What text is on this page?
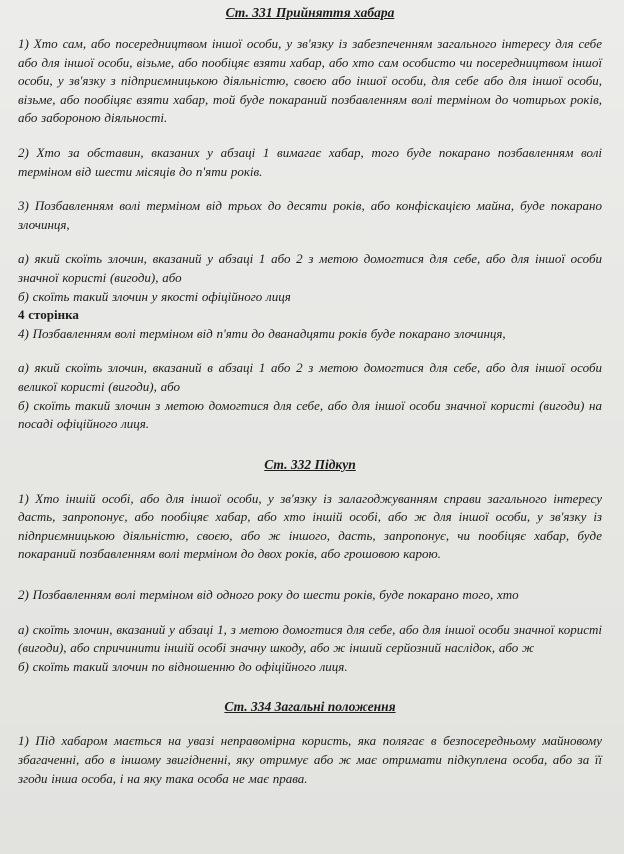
Ст. 331 Прийняття хабара

1) Хто сам, або посередництвом іншої особи, у зв'язку із забезпеченням загального інтересу для себе або для іншої особи, візьме, або пообіцяє взяти хабар, або хто сам особисто чи посередництвом іншої особи, у зв'язку з підприємницькою діяльністю, своєю або іншої особи, для себе або для іншої особи, візьме, або пообіцяє взяти хабар, той буде покараний позбавленням волі терміном до чотирьох років, або забороною діяльності.

2) Хто за обставин, вказаних у абзаці 1 вимагає хабар, того буде покарано позбавленням волі терміном від шести місяців до п'яти років.

3) Позбавленням волі терміном від трьох до десяти років, або конфіскацією майна, буде покарано злочинця,

а) який скоїть злочин, вказаний у абзаці 1 або 2 з метою домогтися для себе, або для іншої особи значної користі (вигоди), або

б) скоїть такий злочин у якості офіційного лиця

4 сторінка

4) Позбавленням волі терміном від п'яти до дванадцяти років буде покарано злочинця,

а) який скоїть злочин, вказаний в абзаці 1 або 2 з метою домогтися для себе, або для іншої особи великої користі (вигоди), або

б) скоїть такий злочин з метою домогтися для себе, або для іншої особи значної користі (вигоди) на посаді офіційного лиця.

Ст. 332 Підкуп

1) Хто іншій особі, або для іншої особи, у зв'язку із залагоджуванням справи загального інтересу дасть, запропонує, або пообіцяє хабар, або хто іншій особі, або ж для іншої особи, у зв'язку із підприємницькою діяльністю, своєю, або ж іншого, дасть, запропонує, чи пообіцяє хабар, буде покараний позбавленням волі терміном до двох років, або грошовою карою.

2) Позбавленням волі терміном від одного року до шести років, буде покарано того, хто

а) скоїть злочин, вказаний у абзаці 1, з метою домогтися для себе, або для іншої особи значної користі (вигоди), або спричинити іншій особі значну шкоду, або ж інший серйозний наслідок, або ж

б) скоїть такий злочин по відношенню до офіційного лиця.

Ст. 334 Загальні положення

1) Під хабаром мається на увазі неправомірна користь, яка полягає в безпосередньому майновому збагаченні, або в іншому звигідненні, яку отримує або ж має отримати підкуплена особа, або за її згоди інша особа, і на яку така особа не має права.
